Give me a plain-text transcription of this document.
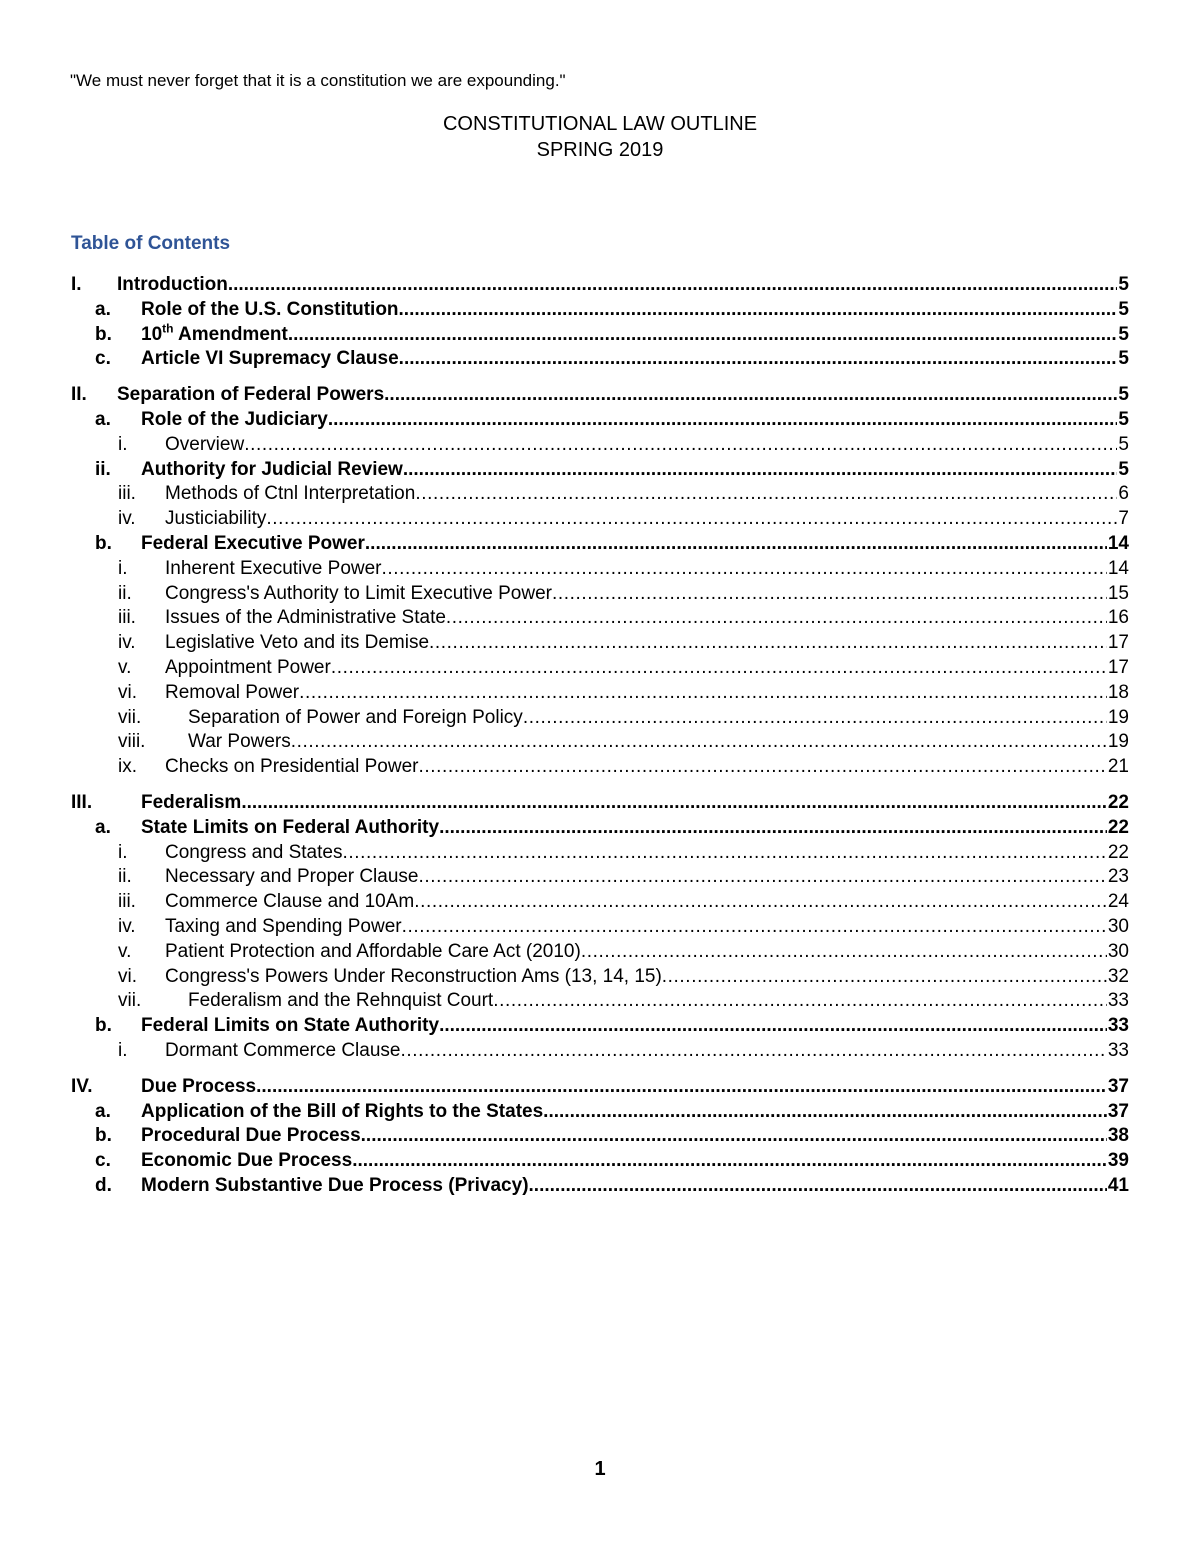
"We must never forget that it is a constitution we are expounding."
CONSTITUTIONAL LAW OUTLINE
SPRING 2019
Table of Contents
I.	Introduction .....	5
a.	Role of the U.S. Constitution .....	5
b.	10th Amendment .....	5
c.	Article VI Supremacy Clause .....	5
II.	Separation of Federal Powers .....	5
a.	Role of the Judiciary .....	5
i.	Overview .....	5
ii.	Authority for Judicial Review .....	5
iii.	Methods of Ctnl Interpretation .....	6
iv.	Justiciability .....	7
b.	Federal Executive Power .....	14
i.	Inherent Executive Power .....	14
ii.	Congress's Authority to Limit Executive Power .....	15
iii.	Issues of the Administrative State .....	16
iv.	Legislative Veto and its Demise .....	17
v.	Appointment Power .....	17
vi.	Removal Power .....	18
vii.	Separation of Power and Foreign Policy .....	19
viii.	War Powers .....	19
ix.	Checks on Presidential Power .....	21
III.	Federalism .....	22
a.	State Limits on Federal Authority .....	22
i.	Congress and States .....	22
ii.	Necessary and Proper Clause .....	23
iii.	Commerce Clause and 10Am .....	24
iv.	Taxing and Spending Power .....	30
v.	Patient Protection and Affordable Care Act (2010) .....	30
vi.	Congress's Powers Under Reconstruction Ams (13, 14, 15) .....	32
vii.	Federalism and the Rehnquist Court .....	33
b.	Federal Limits on State Authority .....	33
i.	Dormant Commerce Clause .....	33
IV.	Due Process .....	37
a.	Application of the Bill of Rights to the States .....	37
b.	Procedural Due Process .....	38
c.	Economic Due Process .....	39
d.	Modern Substantive Due Process (Privacy) .....	41
1
